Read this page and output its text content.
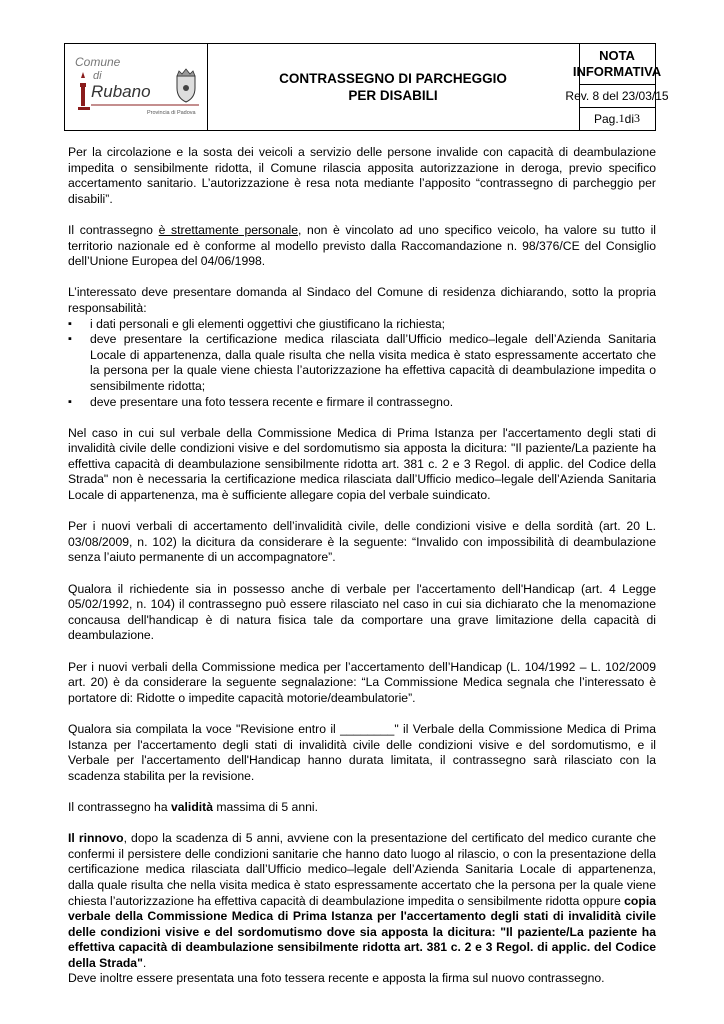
Comune
di
Rubano
Provincia di Padova
CONTRASSEGNO DI PARCHEGGIO
PER DISABILI
NOTA
INFORMATIVA
Rev. 8 del 23/03/15
Pag. 1 di 3

Per la circolazione e la sosta dei veicoli a servizio delle persone invalide con capacità di deambulazione impedita o sensibilmente ridotta, il Comune rilascia apposita autorizzazione in deroga, previo specifico accertamento sanitario. L’autorizzazione è resa nota mediante l’apposito “contrassegno di parcheggio per disabili”.

Il contrassegno è strettamente personale, non è vincolato ad uno specifico veicolo, ha valore su tutto il territorio nazionale ed è conforme al modello previsto dalla Raccomandazione n. 98/376/CE del Consiglio dell’Unione Europea del 04/06/1998.

L’interessato deve presentare domanda al Sindaco del Comune di residenza dichiarando, sotto la propria responsabilità:

▪ i dati personali e gli elementi oggettivi che giustificano la richiesta;
▪ deve presentare la certificazione medica rilasciata dall’Ufficio medico–legale dell’Azienda Sanitaria Locale di appartenenza, dalla quale risulta che nella visita medica è stato espressamente accertato che la persona per la quale viene chiesta l’autorizzazione ha effettiva capacità di deambulazione impedita o sensibilmente ridotta;
▪ deve presentare una foto tessera recente e firmare il contrassegno.

Nel caso in cui sul verbale della Commissione Medica di Prima Istanza per l'accertamento degli stati di invalidità civile delle condizioni visive e del sordomutismo sia apposta la dicitura: "Il paziente/La paziente ha effettiva capacità di deambulazione sensibilmente ridotta art. 381 c. 2 e 3 Regol. di applic. del Codice della Strada" non è necessaria la certificazione medica rilasciata dall’Ufficio medico–legale dell’Azienda Sanitaria Locale di appartenenza, ma è sufficiente allegare copia del verbale suindicato.

Per i nuovi verbali di accertamento dell’invalidità civile, delle condizioni visive e della sordità (art. 20 L. 03/08/2009, n. 102) la dicitura da considerare è la seguente: “Invalido con impossibilità di deambulazione senza l’aiuto permanente di un accompagnatore”.

Qualora il richiedente sia in possesso anche di verbale per l'accertamento dell'Handicap (art. 4 Legge 05/02/1992, n. 104) il contrassegno può essere rilasciato nel caso in cui sia dichiarato che la menomazione concausa dell'handicap è di natura fisica tale da comportare una grave limitazione della capacità di deambulazione.

Per i nuovi verbali della Commissione medica per l’accertamento dell’Handicap (L. 104/1992 – L. 102/2009 art. 20) è da considerare la seguente segnalazione: “La Commissione Medica segnala che l’interessato è portatore di: Ridotte o impedite capacità motorie/deambulatorie”.

Qualora sia compilata la voce "Revisione entro il ________" il Verbale della Commissione Medica di Prima Istanza per l'accertamento degli stati di invalidità civile delle condizioni visive e del sordomutismo, e il Verbale per l'accertamento dell'Handicap hanno durata limitata, il contrassegno sarà rilasciato con la scadenza stabilita per la revisione.

Il contrassegno ha validità massima di 5 anni.

Il rinnovo, dopo la scadenza di 5 anni, avviene con la presentazione del certificato del medico curante che confermi il persistere delle condizioni sanitarie che hanno dato luogo al rilascio, o con la presentazione della certificazione medica rilasciata dall’Ufficio medico–legale dell’Azienda Sanitaria Locale di appartenenza, dalla quale risulta che nella visita medica è stato espressamente accertato che la persona per la quale viene chiesta l’autorizzazione ha effettiva capacità di deambulazione impedita o sensibilmente ridotta oppure copia verbale della Commissione Medica di Prima Istanza per l'accertamento degli stati di invalidità civile delle condizioni visive e del sordomutismo dove sia apposta la dicitura: "Il paziente/La paziente ha effettiva capacità di deambulazione sensibilmente ridotta art. 381 c. 2 e 3 Regol. di applic. del Codice della Strada".

Deve inoltre essere presentata una foto tessera recente e apposta la firma sul nuovo contrassegno.
